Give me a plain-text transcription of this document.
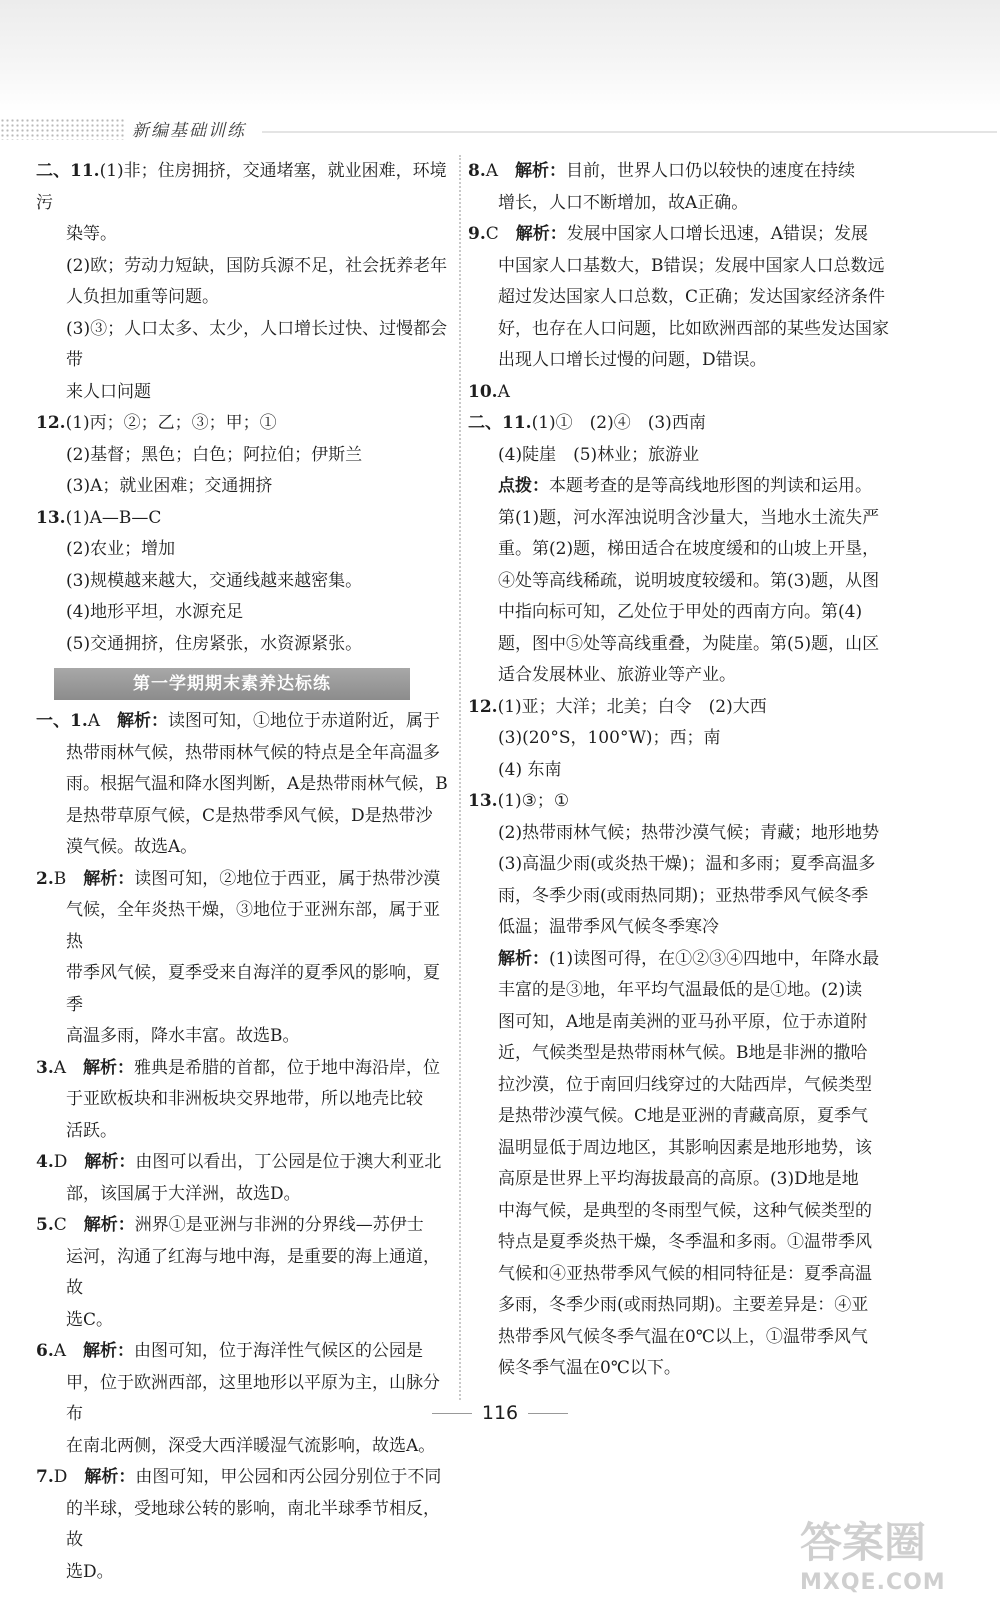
新编基础训练

二、11.(1)非；住房拥挤，交通堵塞，就业困难，环境污

染等。

(2)欧；劳动力短缺，国防兵源不足，社会抚养老年

人负担加重等问题。

(3)③；人口太多、太少，人口增长过快、过慢都会带

来人口问题

12.(1)丙；②；乙；③；甲；①

(2)基督；黑色；白色；阿拉伯；伊斯兰

(3)A；就业困难；交通拥挤

13.(1)A—B—C

(2)农业；增加

(3)规模越来越大，交通线越来越密集。

(4)地形平坦，水源充足

(5)交通拥挤，住房紧张，水资源紧张。

第一学期期末素养达标练

一、1.A　 解析：读图可知，①地位于赤道附近，属于

热带雨林气候，热带雨林气候的特点是全年高温多

雨。根据气温和降水图判断，A是热带雨林气候，B

是热带草原气候，C是热带季风气候，D是热带沙

漠气候。故选A。

2.B　 解析：读图可知，②地位于西亚，属于热带沙漠

气候，全年炎热干燥，③地位于亚洲东部，属于亚热

带季风气候，夏季受来自海洋的夏季风的影响，夏季

高温多雨，降水丰富。故选B。

3.A　 解析：雅典是希腊的首都，位于地中海沿岸，位

于亚欧板块和非洲板块交界地带，所以地壳比较

活跃。

4.D　 解析：由图可以看出，丁公园是位于澳大利亚北

部，该国属于大洋洲，故选D。

5.C　 解析：洲界①是亚洲与非洲的分界线—苏伊士

运河，沟通了红海与地中海，是重要的海上通道，故

选C。

6.A　 解析：由图可知，位于海洋性气候区的公园是

甲，位于欧洲西部，这里地形以平原为主，山脉分布

在南北两侧，深受大西洋暖湿气流影响，故选A。

7.D　 解析：由图可知，甲公园和丙公园分别位于不同

的半球，受地球公转的影响，南北半球季节相反，故

选D。

8.A　 解析：目前，世界人口仍以较快的速度在持续

增长，人口不断增加，故A正确。

9.C　 解析：发展中国家人口增长迅速，A错误；发展

中国家人口基数大，B错误；发展中国家人口总数远

超过发达国家人口总数，C正确；发达国家经济条件

好，也存在人口问题，比如欧洲西部的某些发达国家

出现人口增长过慢的问题，D错误。

10.A

二、11.(1)①　(2)④　(3)西南

(4)陡崖　(5)林业；旅游业

点拨：本题考查的是等高线地形图的判读和运用。

第(1)题，河水浑浊说明含沙量大，当地水土流失严

重。第(2)题，梯田适合在坡度缓和的山坡上开垦，

④处等高线稀疏，说明坡度较缓和。第(3)题，从图

中指向标可知，乙处位于甲处的西南方向。第(4)

题，图中⑤处等高线重叠，为陡崖。第(5)题，山区

适合发展林业、旅游业等产业。

12.(1)亚；大洋；北美；白令　(2)大西

(3)(20°S，100°W)；西；南

(4) 东南

13.(1)③；①

(2)热带雨林气候；热带沙漠气候；青藏；地形地势

(3)高温少雨(或炎热干燥)；温和多雨；夏季高温多

雨，冬季少雨(或雨热同期)；亚热带季风气候冬季

低温；温带季风气候冬季寒冷

解析：(1)读图可得，在①②③④四地中，年降水最

丰富的是③地，年平均气温最低的是①地。(2)读

图可知，A地是南美洲的亚马孙平原，位于赤道附

近，气候类型是热带雨林气候。B地是非洲的撒哈

拉沙漠，位于南回归线穿过的大陆西岸，气候类型

是热带沙漠气候。C地是亚洲的青藏高原，夏季气

温明显低于周边地区，其影响因素是地形地势，该

高原是世界上平均海拔最高的高原。(3)D地是地

中海气候，是典型的冬雨型气候，这种气候类型的

特点是夏季炎热干燥，冬季温和多雨。①温带季风

气候和④亚热带季风气候的相同特征是：夏季高温

多雨，冬季少雨(或雨热同期)。主要差异是：④亚

热带季风气候冬季气温在0℃以上，①温带季风气

候冬季气温在0℃以下。

116
答案圈
MXQE.COM
